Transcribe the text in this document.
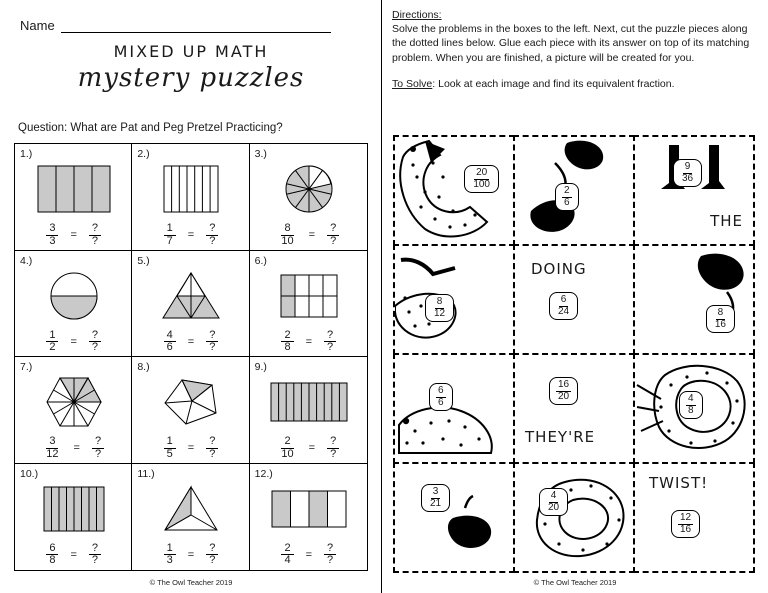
Name
MIXED UP MATH
mystery puzzles
Question: What are Pat and Peg Pretzel Practicing?
1.)
$\frac{3}{3} = \frac{?}{?}$
2.)
$\frac{1}{7} = \frac{?}{?}$
3.)
$\frac{8}{10} = \frac{?}{?}$
4.)
$\frac{1}{2} = \frac{?}{?}$
5.)
$\frac{4}{6} = \frac{?}{?}$
6.)
$\frac{2}{8} = \frac{?}{?}$
7.)
$\frac{3}{12} = \frac{?}{?}$
8.)
$\frac{1}{5} = \frac{?}{?}$
9.)
$\frac{2}{10} = \frac{?}{?}$
10.)
$\frac{6}{8} = \frac{?}{?}$
11.)
$\frac{1}{3} = \frac{?}{?}$
12.)
$\frac{2}{4} = \frac{?}{?}$
© The Owl Teacher 2019
Directions:
Solve the problems in the boxes to the left. Next, cut the puzzle pieces along the dotted lines below. Glue each piece with its answer on top of its matching problem. When you are finished, a picture will be created for you.
To Solve: Look at each image and find its equivalent fraction.
20
100
2
6
THE
9
36
8
12
DOING
6
24	8
16
6
6
THEY'RE
16
20	4
8
3
21
4
20
TWIST!
12
16
© The Owl Teacher 2019
